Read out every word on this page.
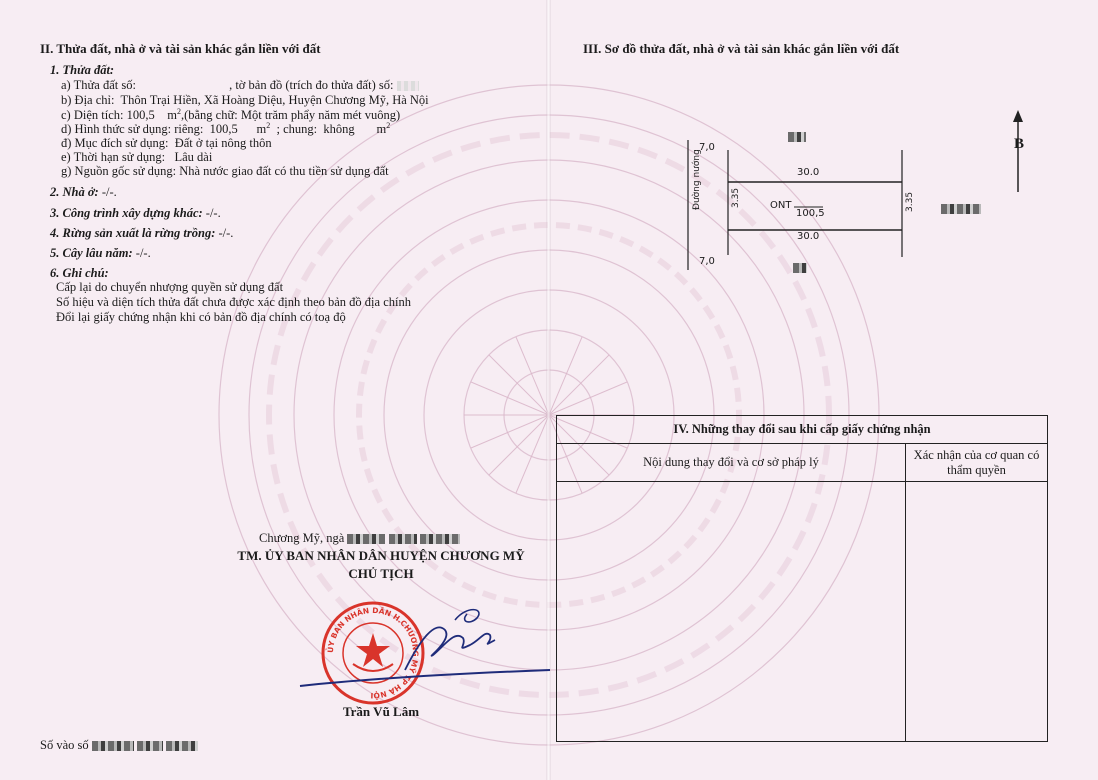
II. Thửa đất, nhà ở và tài sản khác gắn liền với đất
1. Thửa đất:
a) Thửa đất số:	, tờ bản đồ (trích đo thửa đất) số:
b) Địa chỉ: Thôn Trại Hiền, Xã Hoàng Diệu, Huyện Chương Mỹ, Hà Nội
c) Diện tích: 100,5 $m^2,(bằng$ chữ: Một trăm phẩy năm mét vuông)
d) Hình thức sử dụng: riêng: 100,5 $m^2$ ; chung: không $m^2$
đ) Mục đích sử dụng: Đất ở tại nông thôn
e) Thời hạn sử dụng: Lâu dài
g) Nguồn gốc sử dụng: Nhà nước giao đất có thu tiền sử dụng đất
2. Nhà ở: -/-.
3. Công trình xây dựng khác: -/-.
4. Rừng sản xuất là rừng trồng: -/-.
5. Cây lâu năm: -/-.
6. Ghi chú:
Cấp lại do chuyển nhượng quyền sử dụng đất
Số hiệu và diện tích thửa đất chưa được xác định theo bản đồ địa chính
Đổi lại giấy chứng nhận khi có bản đồ địa chính có toạ độ
Chương Mỹ, ngà
TM. ỦY BAN NHÂN DÂN HUYỆN CHƯƠNG MỸ
CHỦ TỊCH
ỦY BAN NHÂN DÂN H.CHƯƠNG MỸ TP HÀ NỘI
Trần Vũ Lâm
Số vào số
III. Sơ đồ thửa đất, nhà ở và tài sản khác gắn liền với đất
B
7,0
7,0
Đường nướng	30.0
30.0
3.35	3.35
ONT
100,5
IV. Những thay đổi sau khi cấp giấy chứng nhận	
Nội dung thay đổi và cơ sở pháp lý	Xác nhận của cơ quan có thẩm quyền
